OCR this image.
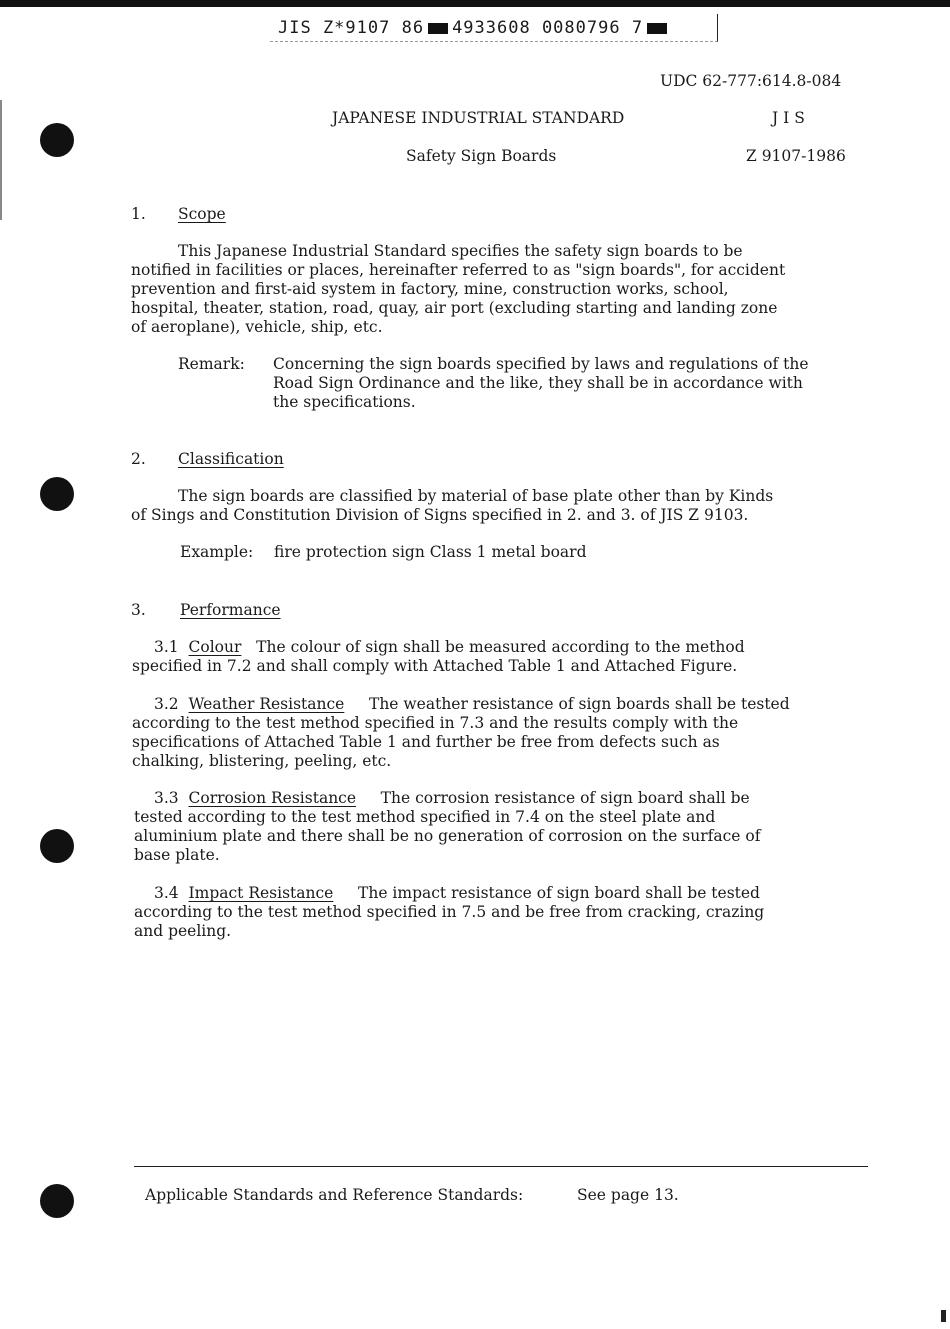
JIS Z*9107 86 4933608 0080796 7
UDC 62-777:614.8-084
JAPANESE INDUSTRIAL STANDARD	J I S
Safety Sign Boards	Z 9107-1986
1. Scope
This Japanese Industrial Standard specifies the safety sign boards to be
notified in facilities or places, hereinafter referred to as "sign boards", for accident
prevention and first-aid system in factory, mine, construction works, school,
hospital, theater, station, road, quay, air port (excluding starting and landing zone
of aeroplane), vehicle, ship, etc.
Remark: Concerning the sign boards specified by laws and regulations of the
Road Sign Ordinance and the like, they shall be in accordance with
the specifications.
2. Classification
The sign boards are classified by material of base plate other than by Kinds
of Sings and Constitution Division of Signs specified in 2. and 3. of JIS Z 9103.
Example: fire protection sign Class 1 metal board
3. Performance
3.1 Colour The colour of sign shall be measured according to the method
specified in 7.2 and shall comply with Attached Table 1 and Attached Figure.
3.2 Weather Resistance The weather resistance of sign boards shall be tested
according to the test method specified in 7.3 and the results comply with the
specifications of Attached Table 1 and further be free from defects such as
chalking, blistering, peeling, etc.
3.3 Corrosion Resistance The corrosion resistance of sign board shall be
tested according to the test method specified in 7.4 on the steel plate and
aluminium plate and there shall be no generation of corrosion on the surface of
base plate.
3.4 Impact Resistance The impact resistance of sign board shall be tested
according to the test method specified in 7.5 and be free from cracking, crazing
and peeling.
Applicable Standards and Reference Standards:	See page 13.
